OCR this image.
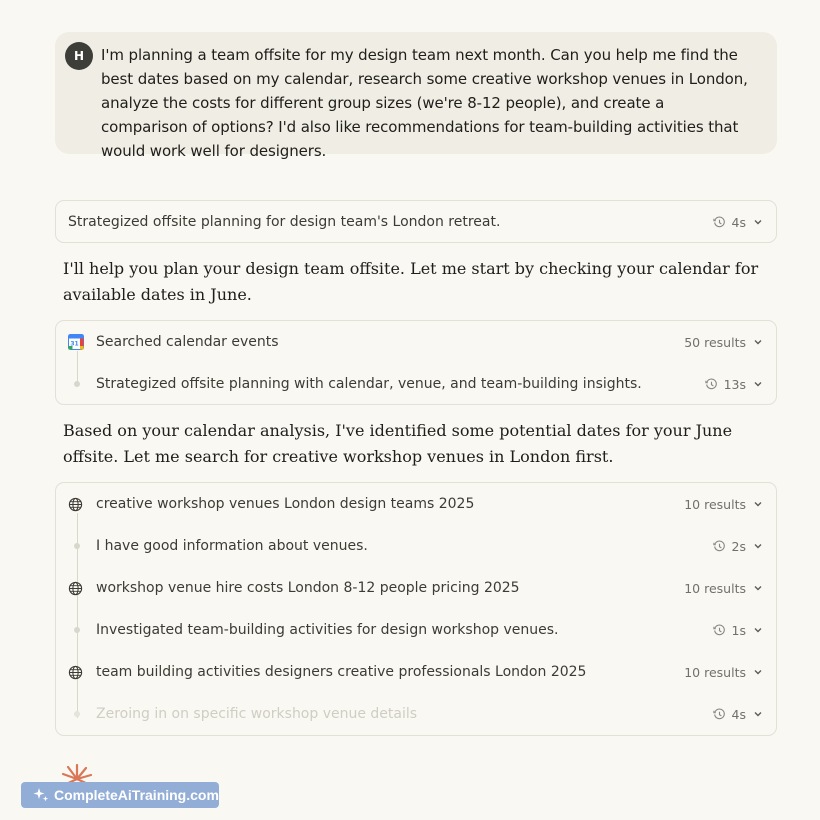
H	I'm planning a team offsite for my design team next month. Can you help me find the best dates based on my calendar, research some creative workshop venues in London, analyze the costs for different group sizes (we're 8-12 people), and create a comparison of options? I'd also like recommendations for team-building activities that would work well for designers.

Strategized offsite planning for design team's London retreat.	4s

I'll help you plan your design team offsite. Let me start by checking your calendar for available dates in June.

31 Searched calendar events	50 results
Strategized offsite planning with calendar, venue, and team-building insights.	13s

Based on your calendar analysis, I've identified some potential dates for your June offsite. Let me search for creative workshop venues in London first.

creative workshop venues London design teams 2025	10 results
I have good information about venues.	2s
workshop venue hire costs London 8-12 people pricing 2025	10 results
Investigated team-building activities for design workshop venues.	1s
team building activities designers creative professionals London 2025	10 results
Zeroing in on specific workshop venue details	4s
CompleteAiTraining.com
